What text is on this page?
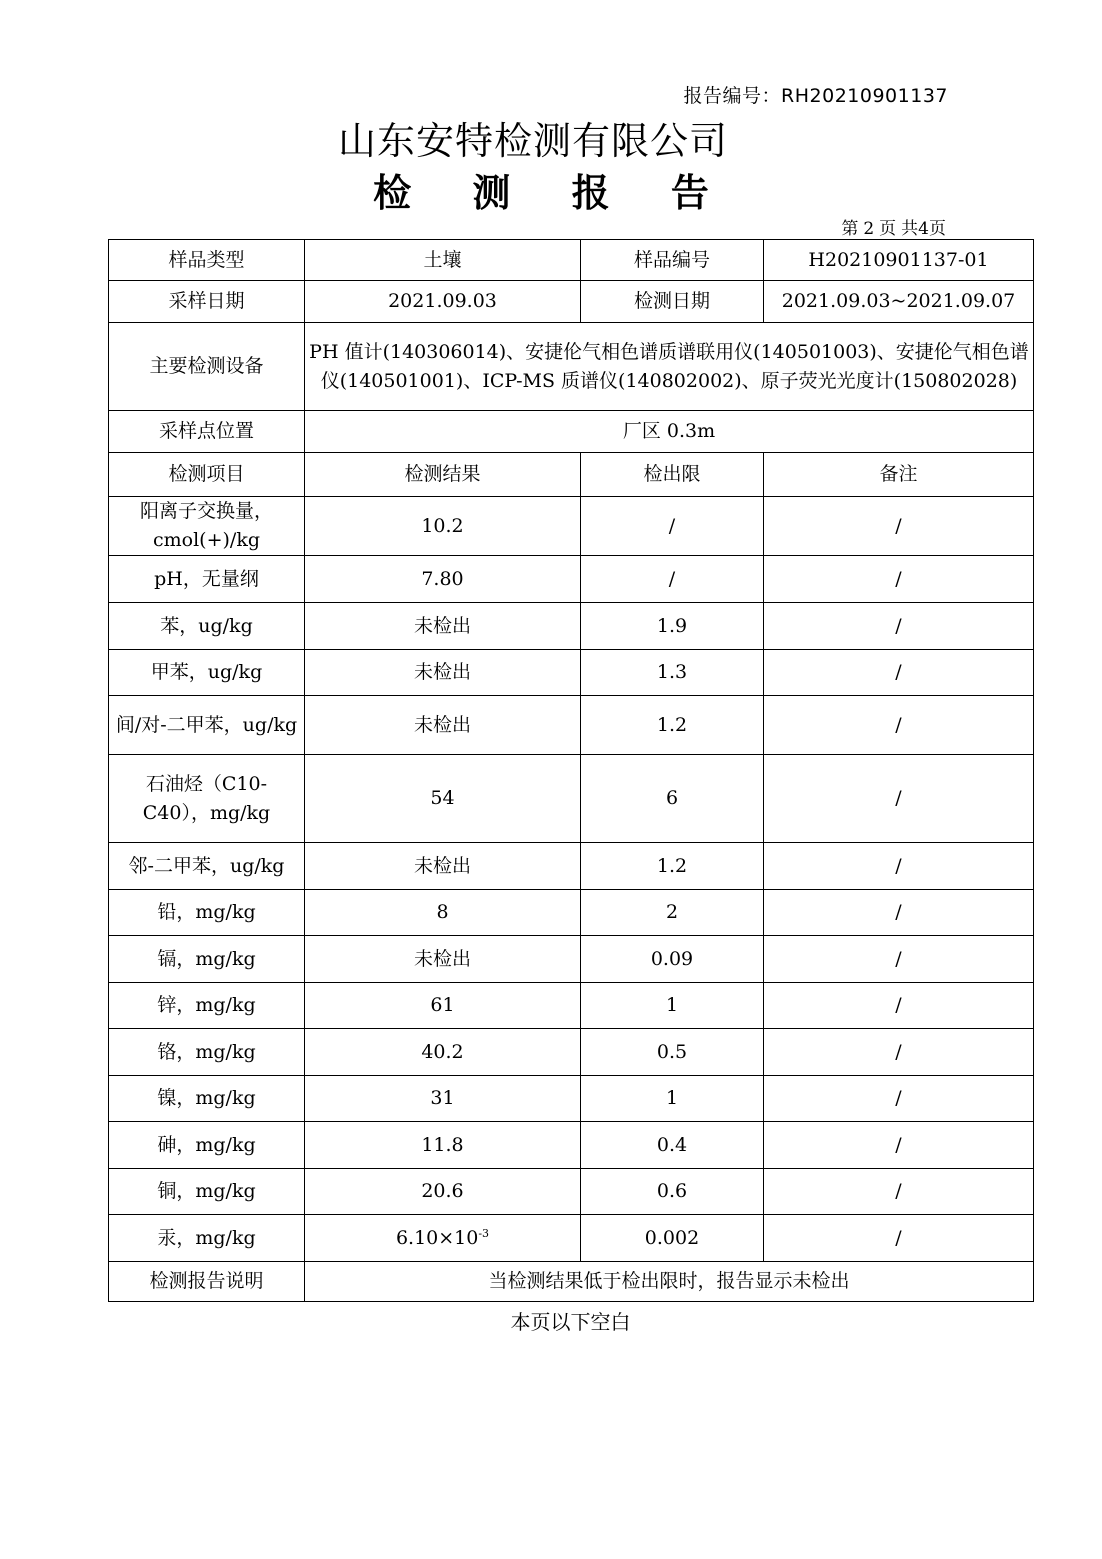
报告编号：RH20210901137
山东安特检测有限公司
检 测 报 告
第 2 页 共4页
样品类型	土壤	样品编号	H20210901137-01
采样日期	2021.09.03	检测日期	2021.09.03~2021.09.07
主要检测设备	PH 值计(140306014)、安捷伦气相色谱质谱联用仪(140501003)、安捷伦气相色谱仪(140501001)、ICP-MS 质谱仪(140802002)、原子荧光光度计(150802028)		
采样点位置	厂区 0.3m		
检测项目	检测结果	检出限	备注
阳离子交换量，cmol(+)/kg	10.2	/	/
pH，无量纲	7.80	/	/
苯，ug/kg	未检出	1.9	/
甲苯，ug/kg	未检出	1.3	/
间/对-二甲苯，ug/kg	未检出	1.2	/
石油烃（C10-C40），mg/kg	54	6	/
邻-二甲苯，ug/kg	未检出	1.2	/
铅，mg/kg	8	2	/
镉，mg/kg	未检出	0.09	/
锌，mg/kg	61	1	/
铬，mg/kg	40.2	0.5	/
镍，mg/kg	31	1	/
砷，mg/kg	11.8	0.4	/
铜，mg/kg	20.6	0.6	/
汞，mg/kg	$6.10\times 10^{-3}$	0.002	/
检测报告说明	当检测结果低于检出限时，报告显示未检出		
本页以下空白
